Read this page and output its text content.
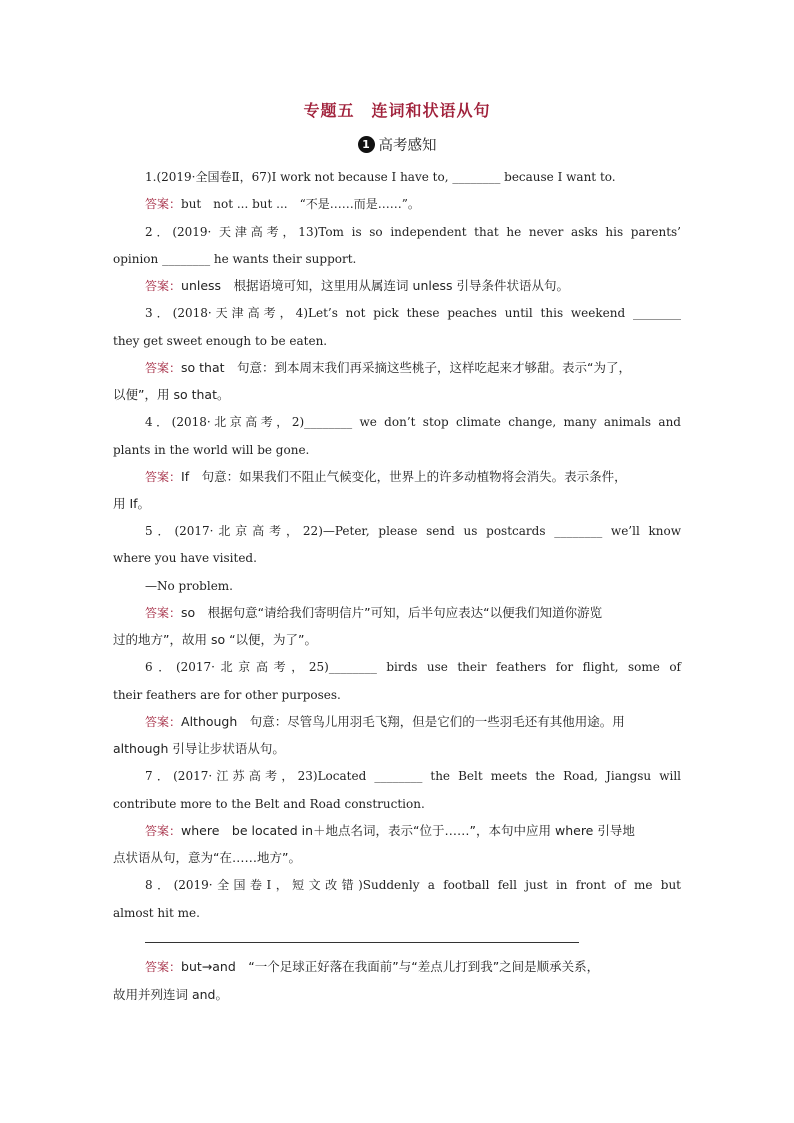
专题五　连词和状语从句
1 高考感知
1.(2019·全国卷Ⅱ，67)I work not because I have to, ________ because I want to.
答案：but　not ... but ...　“不是……而是……”。
2．(2019· 天津高考，13)Tom is so independent that he never asks his parents’
opinion ________ he wants their support.
答案：unless　根据语境可知，这里用从属连词 unless 引导条件状语从句。
3．(2018·天津高考，4)Let’s not pick these peaches until this weekend ________
they get sweet enough to be eaten.
答案：so that　句意：到本周末我们再采摘这些桃子，这样吃起来才够甜。表示“为了，
以便”，用 so that。
4．(2018·北京高考，2)________ we don’t stop climate change, many animals and
plants in the world will be gone.
答案：If　句意：如果我们不阻止气候变化，世界上的许多动植物将会消失。表示条件，
用 If。
5．(2017·北京高考，22)—Peter, please send us postcards ________ we’ll know
where you have visited.
—No problem.
答案：so　根据句意“请给我们寄明信片”可知，后半句应表达“以便我们知道你游览
过的地方”，故用 so “以便，为了”。
6．(2017·北京高考，25)________ birds use their feathers for flight, some of
their feathers are for other purposes.
答案：Although　句意：尽管鸟儿用羽毛飞翔，但是它们的一些羽毛还有其他用途。用
although 引导让步状语从句。
7．(2017·江苏高考，23)Located ________ the Belt meets the Road, Jiangsu will
contribute more to the Belt and Road construction.
答案：where　be located in＋地点名词，表示“位于……”，本句中应用 where 引导地
点状语从句，意为“在……地方”。
8．(2019·全国卷Ⅰ，短文改错)Suddenly a football fell just in front of me but
almost hit me.
答案：but→and　“一个足球正好落在我面前”与“差点儿打到我”之间是顺承关系，
故用并列连词 and。
